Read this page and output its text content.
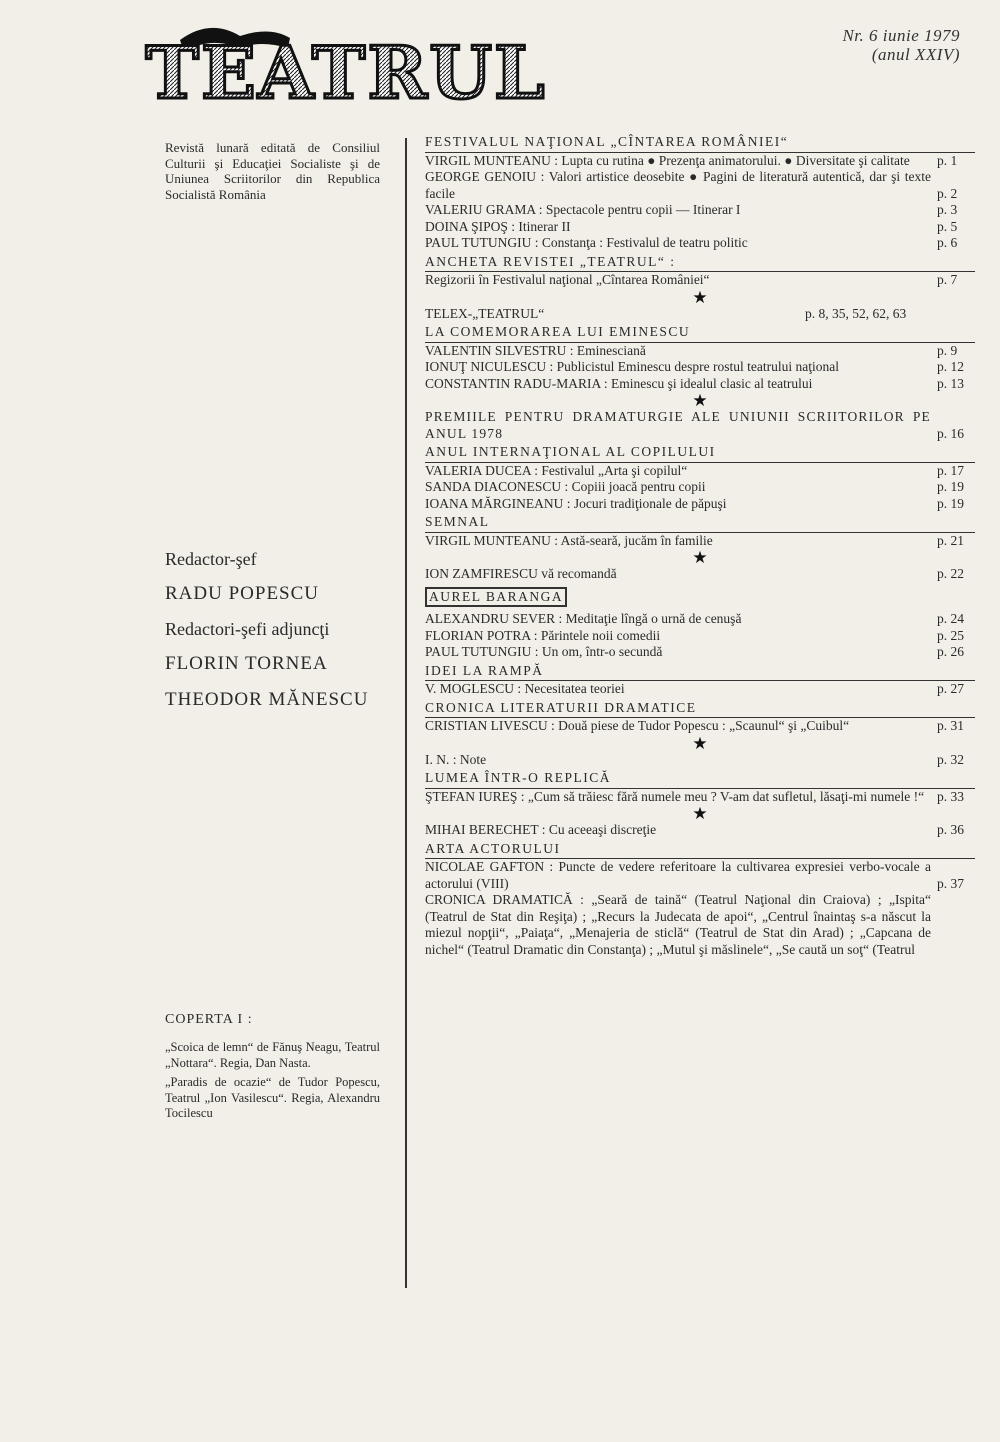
TEATRUL	Nr. 6 iunie 1979
(anul XXIV)
Revistă lunară editată de Consiliul Culturii şi Educaţiei Socialiste şi de Uniunea Scriitorilor din Republica Socialistă România
Redactor-şef
RADU POPESCU
Redactori-şefi adjuncţi
FLORIN TORNEA
THEODOR MĂNESCU
COPERTA I :
„Scoica de lemn“ de Fănuş Neagu, Teatrul „Nottara“. Regia, Dan Nasta.
„Paradis de ocazie“ de Tudor Popescu, Teatrul „Ion Vasilescu“. Regia, Alexandru Tocilescu
FESTIVALUL NAŢIONAL „CÎNTAREA ROMÂNIEI“
VIRGIL MUNTEANU : Lupta cu rutina ● Prezenţa animatorului. ● Diversitate şi calitate	p. 1
GEORGE GENOIU : Valori artistice deosebite ● Pagini de literatură autentică, dar şi texte facile	p. 2
VALERIU GRAMA : Spectacole pentru copii — Itinerar I	p. 3
DOINA ŞIPOŞ : Itinerar II	p. 5
PAUL TUTUNGIU : Constanţa : Festivalul de teatru politic	p. 6
ANCHETA REVISTEI „TEATRUL“ :
Regizorii în Festivalul naţional „Cîntarea României“	p. 7
★
TELEX-„TEATRUL“	p. 8, 35, 52, 62, 63
LA COMEMORAREA LUI EMINESCU
VALENTIN SILVESTRU : Eminesciană	p. 9
IONUŢ NICULESCU : Publicistul Eminescu despre rostul teatrului naţional	p. 12
CONSTANTIN RADU-MARIA : Eminescu şi idealul clasic al teatrului	p. 13
★
PREMIILE PENTRU DRAMATURGIE ALE UNIUNII SCRIITORILOR PE ANUL 1978	p. 16
ANUL INTERNAŢIONAL AL COPILULUI
VALERIA DUCEA : Festivalul „Arta şi copilul“	p. 17
SANDA DIACONESCU : Copiii joacă pentru copii	p. 19
IOANA MĂRGINEANU : Jocuri tradiţionale de păpuşi	p. 19
SEMNAL
VIRGIL MUNTEANU : Astă-seară, jucăm în familie	p. 21
★
ION ZAMFIRESCU vă recomandă	p. 22
AUREL BARANGA
ALEXANDRU SEVER : Meditaţie lîngă o urnă de cenuşă	p. 24
FLORIAN POTRA : Părintele noii comedii	p. 25
PAUL TUTUNGIU : Un om, într-o secundă	p. 26
IDEI LA RAMPĂ
V. MOGLESCU : Necesitatea teoriei	p. 27
CRONICA LITERATURII DRAMATICE
CRISTIAN LIVESCU : Două piese de Tudor Popescu : „Scaunul“ şi „Cuibul“	p. 31
★
I. N. : Note	p. 32
LUMEA ÎNTR-O REPLICĂ
ŞTEFAN IUREŞ : „Cum să trăiesc fără numele meu ? V-am dat sufletul, lăsaţi-mi numele !“ p. 33
★
MIHAI BERECHET : Cu aceeaşi discreţie	p. 36
ARTA ACTORULUI
NICOLAE GAFTON : Puncte de vedere referitoare la cultivarea expresiei verbo-vocale a actorului (VIII)	p. 37
CRONICA DRAMATICĂ : „Seară de taină“ (Teatrul Naţional din Craiova) ; „Ispita“ (Teatrul de Stat din Reşiţa) ; „Recurs la Judecata de apoi“, „Centrul înaintaş s-a născut la miezul nopţii“, „Paiaţa“, „Menajeria de sticlă“ (Teatrul de Stat din Arad) ; „Capcana de nichel“ (Teatrul Dramatic din Constanţa) ; „Mutul şi măslinele“, „Se caută un soţ“ (Teatrul
